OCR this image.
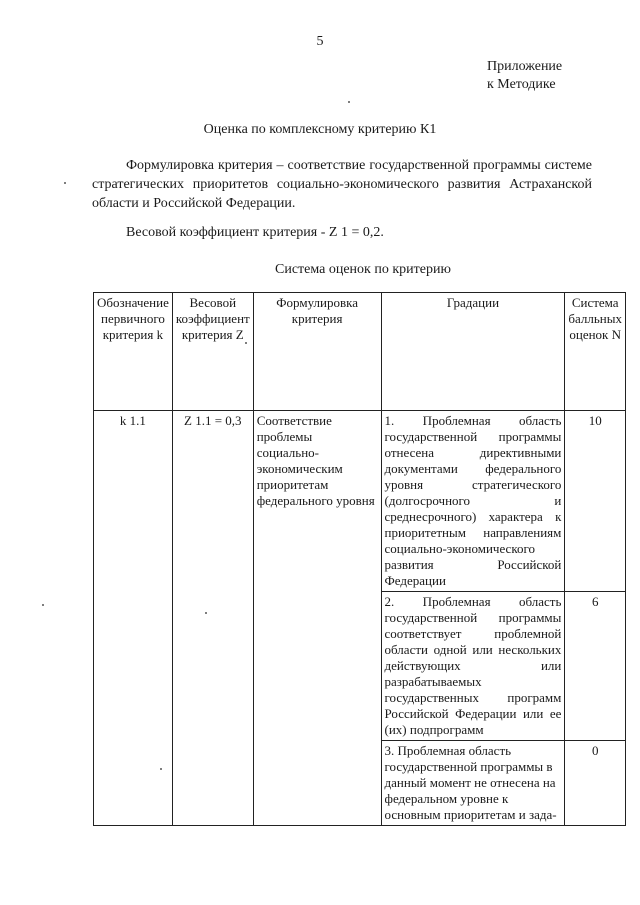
5
Приложение
к Методике
Оценка по комплексному критерию К1
Формулировка критерия – соответствие государственной программы системе стратегических приоритетов социально-экономического развития Астраханской области и Российской Федерации.
Весовой коэффициент критерия - Z 1 = 0,2.
Система оценок по критерию
Обозначение первичного критерия k	Весовой коэффициент критерия Z	Формулировка критерия	Градации	Система балльных оценок N
k 1.1	Z 1.1 = 0,3	Соответствие проблемы социально-экономическим приоритетам федерального уровня	1. Проблемная область государственной программы отнесена директивными документами федерального уровня стратегического (долгосрочного и среднесрочного) характера к приоритетным направлениям социально-экономического развития Российской Федерации	10
			2. Проблемная область государственной программы соответствует проблемной области одной или нескольких действующих или разрабатываемых государственных программ Российской Федерации или ее (их) подпрограмм	6
			3. Проблемная область государственной программы в данный момент не отнесена на федеральном уровне к основным приоритетам и зада-	0
